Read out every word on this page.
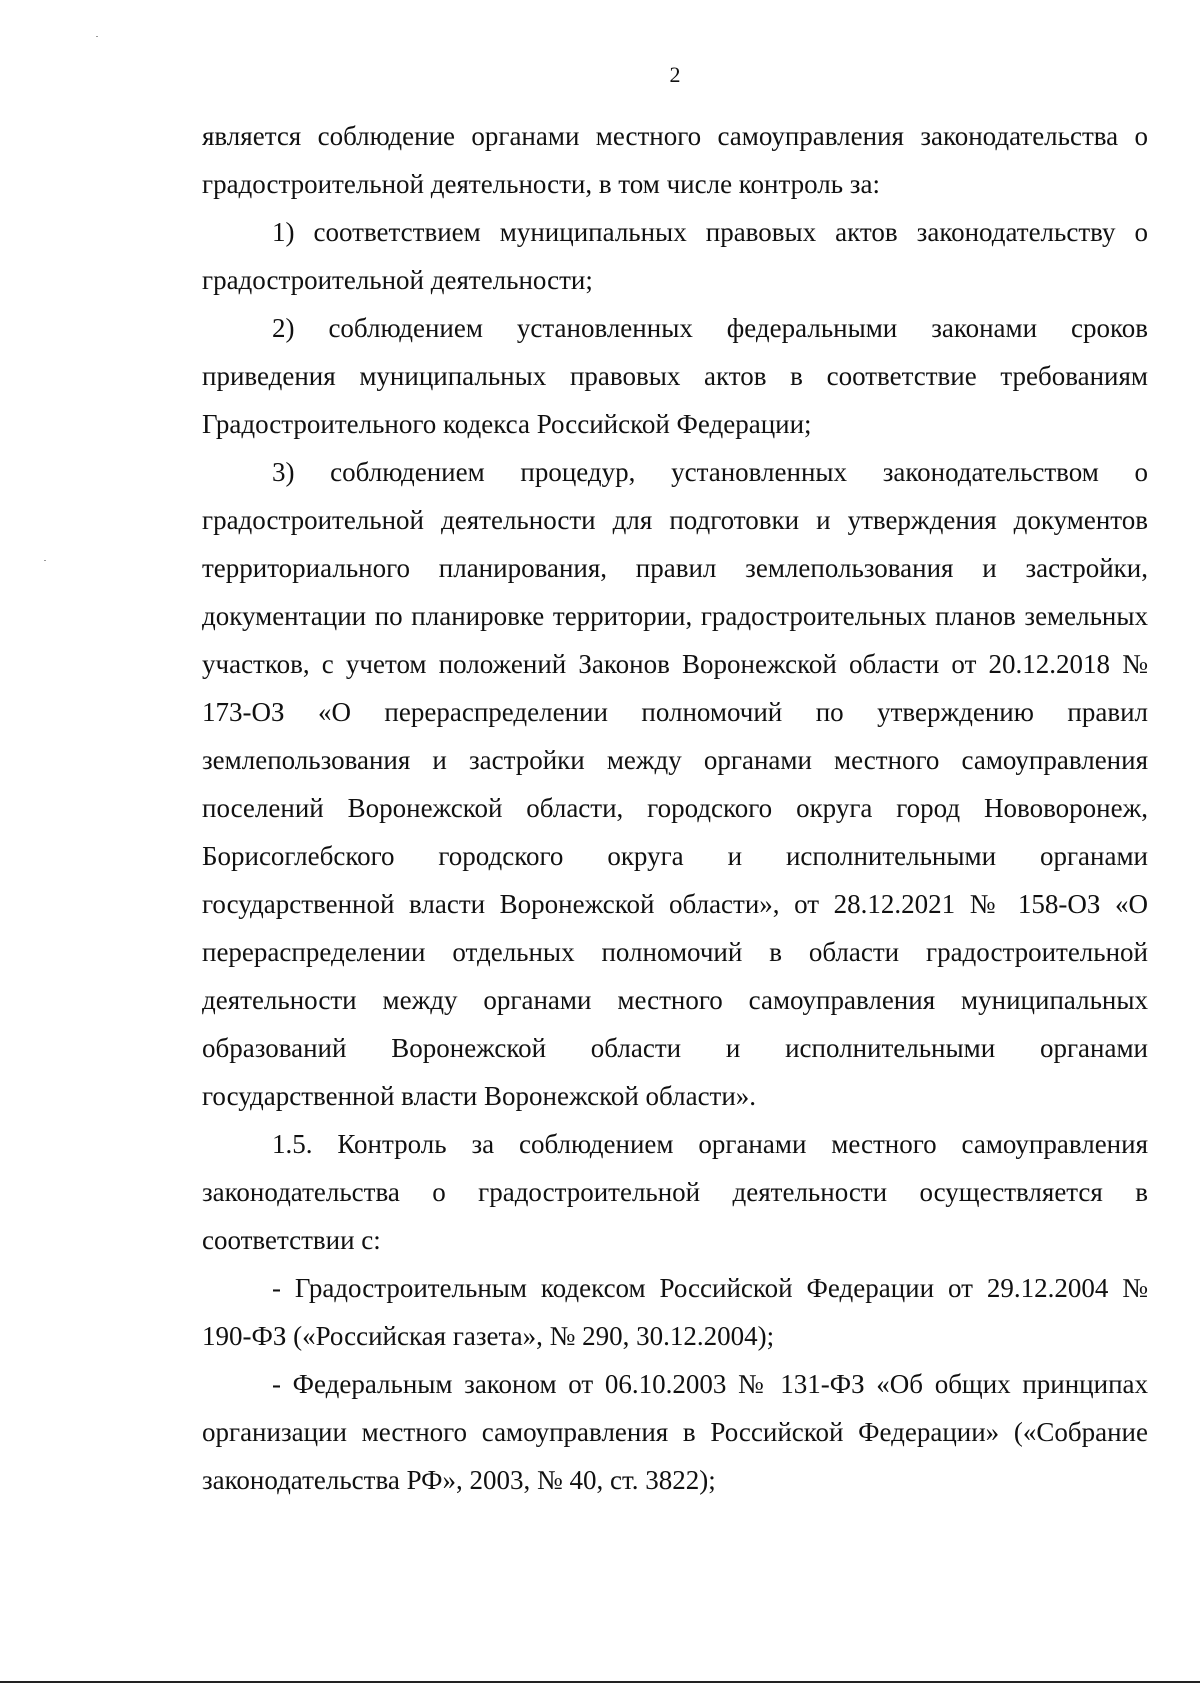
2

является соблюдение органами местного самоуправления законодательства о градостроительной деятельности, в том числе контроль за:

1) соответствием муниципальных правовых актов законодательству о градостроительной деятельности;

2) соблюдением установленных федеральными законами сроков приведения муниципальных правовых актов в соответствие требованиям Градостроительного кодекса Российской Федерации;

3) соблюдением процедур, установленных законодательством о градостроительной деятельности для подготовки и утверждения документов территориального планирования, правил землепользования и застройки, документации по планировке территории, градостроительных планов земельных участков, с учетом положений Законов Воронежской области от 20.12.2018 № 173-ОЗ «О перераспределении полномочий по утверждению правил землепользования и застройки между органами местного самоуправления поселений Воронежской области, городского округа город Нововоронеж, Борисоглебского городского округа и исполнительными органами государственной власти Воронежской области», от 28.12.2021 № 158-ОЗ «О перераспределении отдельных полномочий в области градостроительной деятельности между органами местного самоуправления муниципальных образований Воронежской области и исполнительными органами государственной власти Воронежской области».

1.5. Контроль за соблюдением органами местного самоуправления законодательства о градостроительной деятельности осуществляется в соответствии с:

- Градостроительным кодексом Российской Федерации от 29.12.2004 № 190-ФЗ («Российская газета», № 290, 30.12.2004);

- Федеральным законом от 06.10.2003 № 131-ФЗ «Об общих принципах организации местного самоуправления в Российской Федерации» («Собрание законодательства РФ», 2003, № 40, ст. 3822);
